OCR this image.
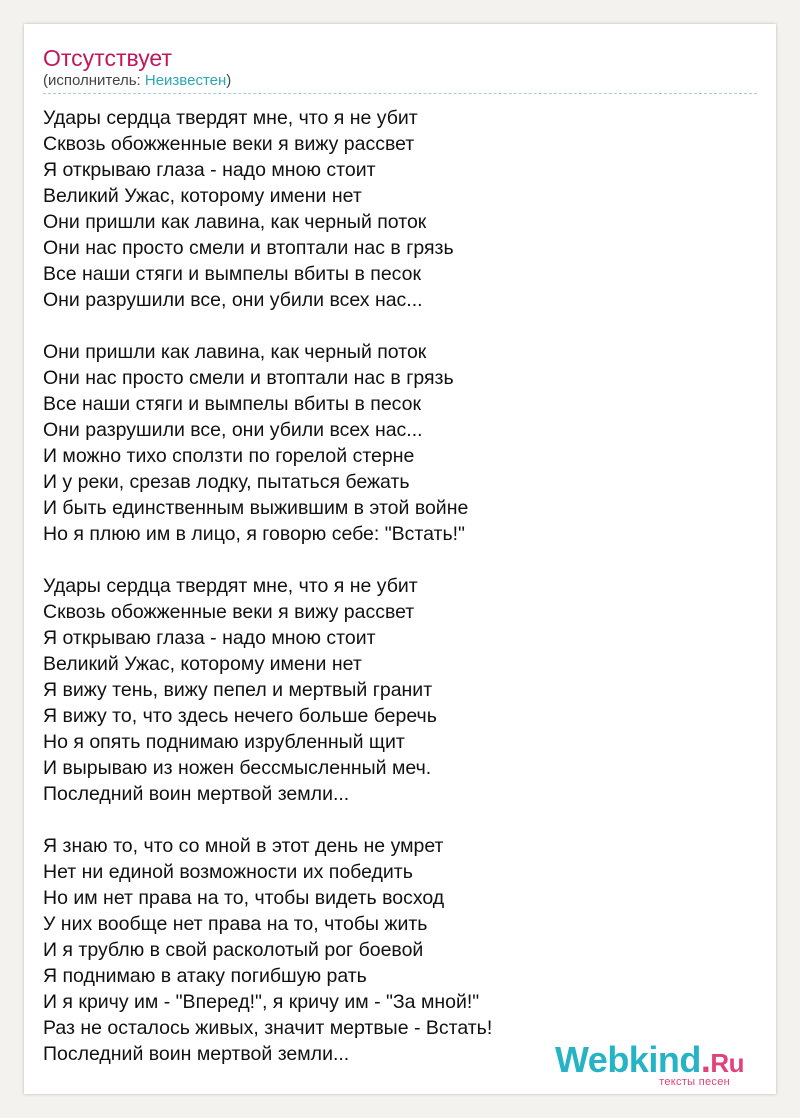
Отсутствует
(исполнитель: Неизвестен)
Удары сердца твердят мне, что я не убит
Сквозь обожженные веки я вижу рассвет
Я открываю глаза - надо мною стоит
Великий Ужас, которому имени нет
Они пришли как лавина, как черный поток
Они нас просто смели и втоптали нас в грязь
Все наши стяги и вымпелы вбиты в песок
Они разрушили все, они убили всех нас...
Они пришли как лавина, как черный поток
Они нас просто смели и втоптали нас в грязь
Все наши стяги и вымпелы вбиты в песок
Они разрушили все, они убили всех нас...
И можно тихо сползти по горелой стерне
И у реки, срезав лодку, пытаться бежать
И быть единственным выжившим в этой войне
Но я плюю им в лицо, я говорю себе: "Встать!"
Удары сердца твердят мне, что я не убит
Сквозь обожженные веки я вижу рассвет
Я открываю глаза - надо мною стоит
Великий Ужас, которому имени нет
Я вижу тень, вижу пепел и мертвый гранит
Я вижу то, что здесь нечего больше беречь
Но я опять поднимаю изрубленный щит
И вырываю из ножен бессмысленный меч.
Последний воин мертвой земли...
Я знаю то, что со мной в этот день не умрет
Нет ни единой возможности их победить
Но им нет права на то, чтобы видеть восход
У них вообще нет права на то, чтобы жить
И я трублю в свой расколотый рог боевой
Я поднимаю в атаку погибшую рать
И я кричу им - "Вперед!", я кричу им - "За мной!"
Раз не осталось живых, значит мертвые - Встать!
Последний воин мертвой земли...	Webkind.Ru
тексты песен
